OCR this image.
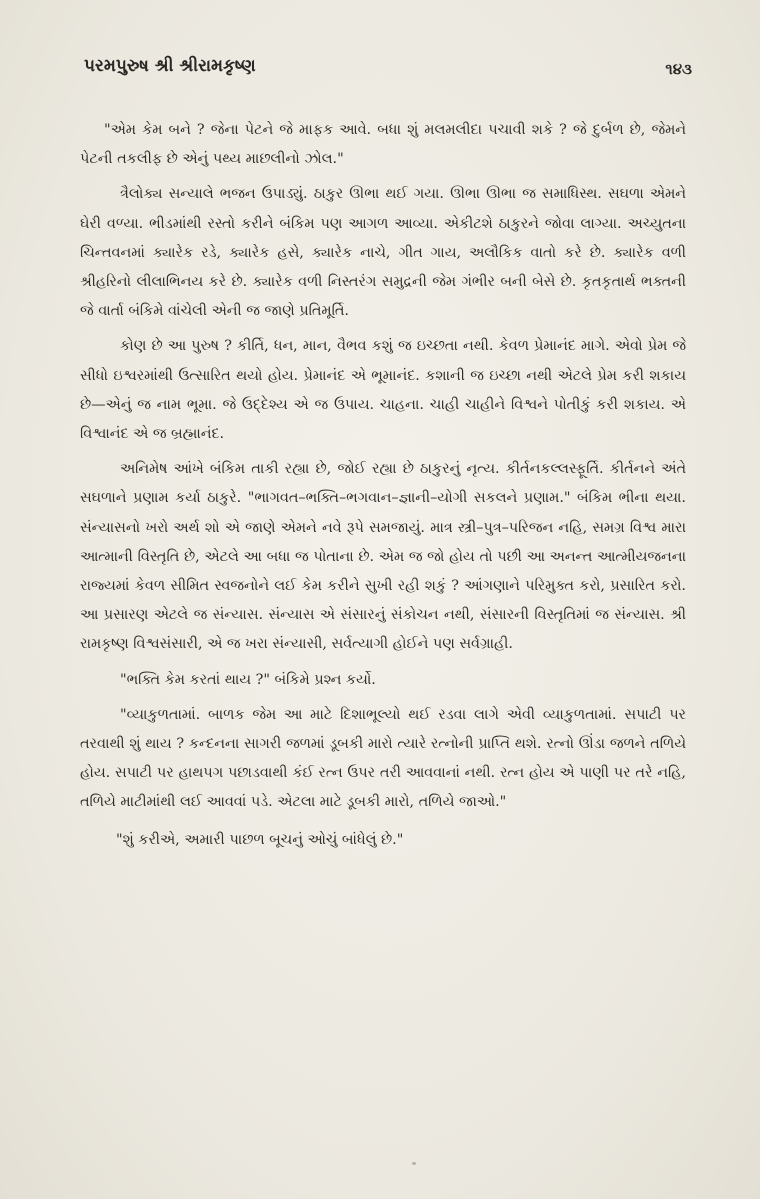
પરમપુરુષ શ્રી શ્રીરામકૃષ્ણ	૧૪૩

"એમ કેમ બને ? જેના પેટને જે માફક આવે. બધા શું મલમલીદા પચાવી શકે ? જે દુર્બળ છે, જેમને પેટની તકલીફ છે એનું પથ્ય માછલીનો ઝોલ."

ત્રૈલોક્ય સન્યાલે ભજન ઉપાડ્યું. ઠાકુર ઊભા થઈ ગયા. ઊભા ઊભા જ સમાધિસ્થ. સઘળા એમને ઘેરી વળ્યા. ભીડમાંથી રસ્તો કરીને બંકિમ પણ આગળ આવ્યા. એકીટશે ઠાકુરને જોવા લાગ્યા. અચ્યુતના ચિન્તવનમાં ક્યારેક રડે, ક્યારેક હસે, ક્યારેક નાચે, ગીત ગાય, અલૌકિક વાતો કરે છે. ક્યારેક વળી શ્રીહરિનો લીલાભિનય કરે છે. ક્યારેક વળી નિસ્તરંગ સમુદ્રની જેમ ગંભીર બની બેસે છે. કૃતકૃતાર્થ ભક્તની જે વાર્તા બંકિમે વાંચેલી એની જ જાણે પ્રતિમૂર્તિ.

કોણ છે આ પુરુષ ? કીર્તિ, ધન, માન, વૈભવ કશું જ ઇચ્છતા નથી. કેવળ પ્રેમાનંદ માગે. એવો પ્રેમ જે સીધો ઇશ્વરમાંથી ઉત્સારિત થયો હોય. પ્રેમાનંદ એ ભૂમાનંદ. કશાની જ ઇચ્છા નથી એટલે પ્રેમ કરી શકાય છે—એનું જ નામ ભૂમા. જે ઉદ્દેશ્ય એ જ ઉપાય. ચાહના. ચાહી ચાહીને વિશ્વને પોતીકું કરી શકાય. એ વિશ્વાનંદ એ જ બ્રહ્માનંદ.

અનિમેષ આંખે બંકિમ તાકી રહ્યા છે, જોઈ રહ્યા છે ઠાકુરનું નૃત્ય. કીર્તનકલ્લસ્ફૂર્તિ. કીર્તનને અંતે સઘળાને પ્રણામ કર્યા ઠાકુરે. "ભાગવત–ભક્તિ–ભગવાન–જ્ઞાની–યોગી સકલને પ્રણામ." બંકિમ ભીના થયા. સંન્યાસનો ખરો અર્થ શો એ જાણે એમને નવે રૂપે સમજાયું. માત્ર સ્ત્રી–પુત્ર–પરિજન નહિ, સમગ્ર વિશ્વ મારા આત્માની વિસ્તૃતિ છે, એટલે આ બધા જ પોતાના છે. એમ જ જો હોય તો પછી આ અનન્ત આત્મીયજનના રાજ્યમાં કેવળ સીમિત સ્વજનોને લઈ કેમ કરીને સુખી રહી શકું ? આંગણાને પરિમુક્ત કરો, પ્રસારિત કરો. આ પ્રસારણ એટલે જ સંન્યાસ. સંન્યાસ એ સંસારનું સંકોચન નથી, સંસારની વિસ્તૃતિમાં જ સંન્યાસ. શ્રી રામકૃષ્ણ વિશ્વસંસારી, એ જ ખરા સંન્યાસી, સર્વત્યાગી હોઈને પણ સર્વગ્રાહી.

"ભક્તિ કેમ કરતાં થાય ?" બંકિમે પ્રશ્ન કર્યો.

"વ્યાકુળતામાં. બાળક જેમ આ માટે દિશાભૂલ્યો થઈ રડવા લાગે એવી વ્યાકુળતામાં. સપાટી પર તરવાથી શું થાય ? કન્દનના સાગરી જળમાં ડૂબકી મારો ત્યારે રત્નોની પ્રાપ્તિ થશે. રત્નો ઊંડા જળને તળિયે હોય. સપાટી પર હાથપગ પછાડવાથી કંઈ રત્ન ઉપર તરી આવવાનાં નથી. રત્ન હોય એ પાણી પર તરે નહિ, તળિયે માટીમાંથી લઈ આવવાં પડે. એટલા માટે ડૂબકી મારો, તળિયે જાઓ."

"શું કરીએ, અમારી પાછળ બૂચનું ઓચું બાંધેલું છે."
